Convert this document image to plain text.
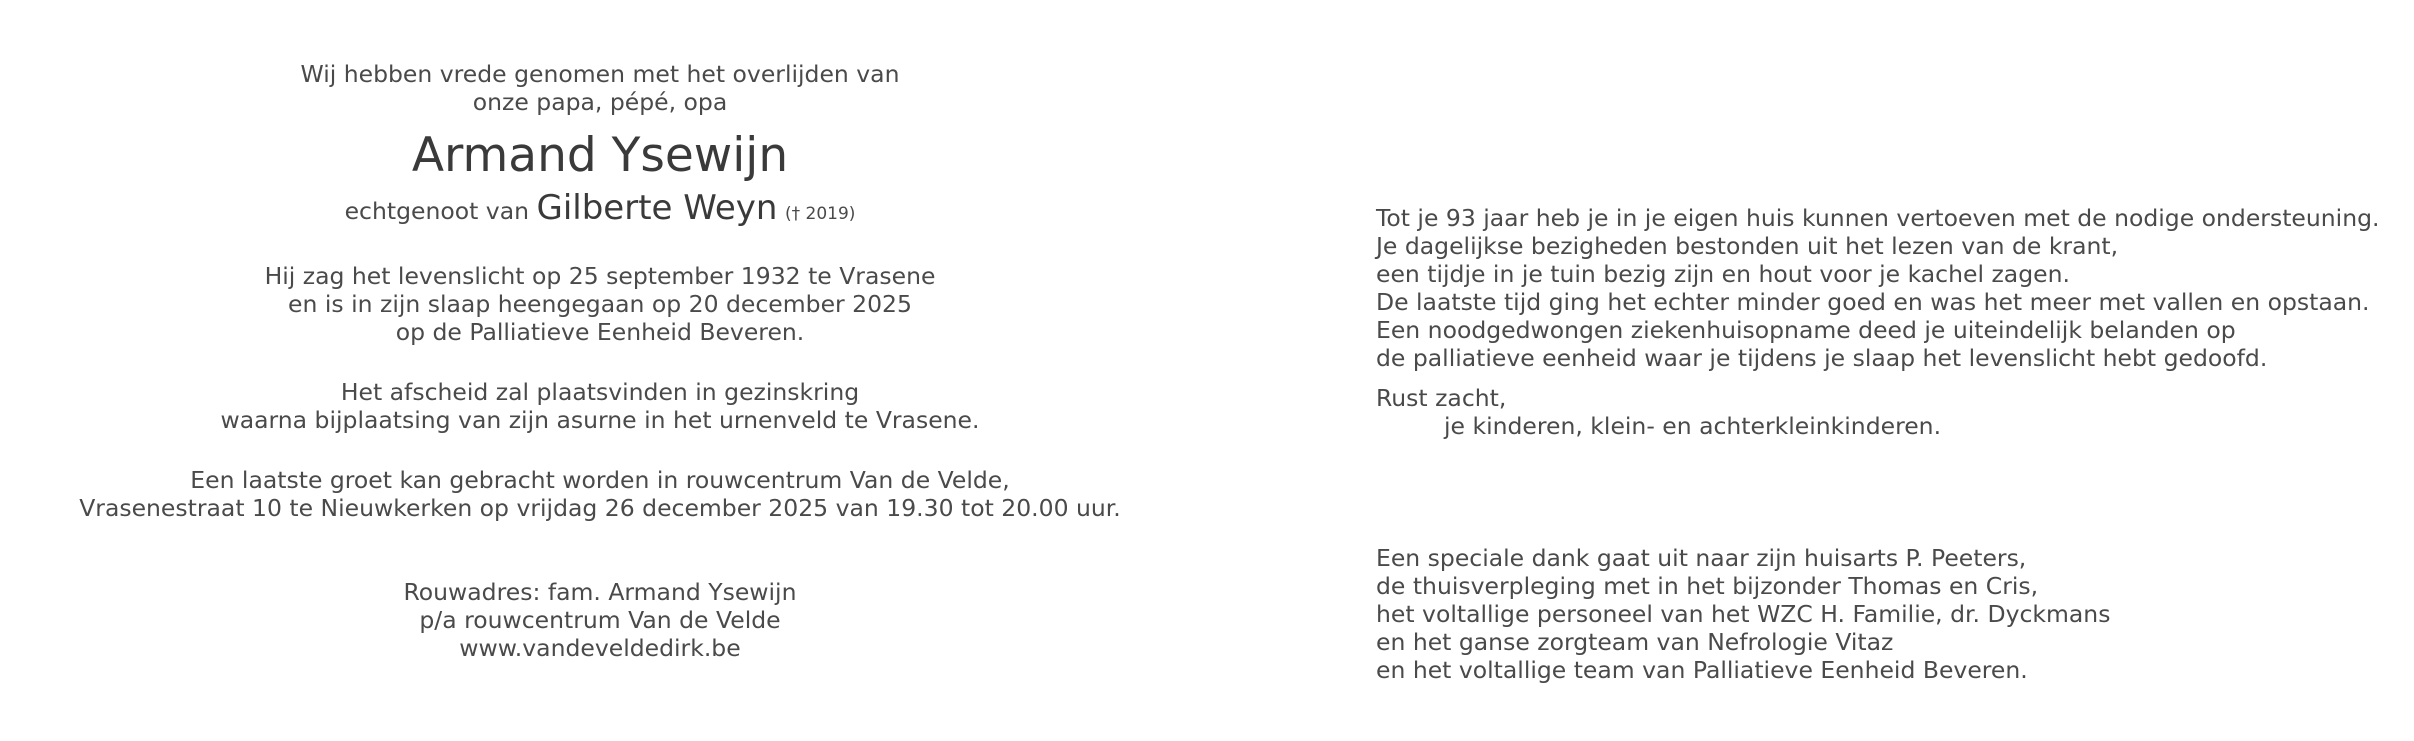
Wij hebben vrede genomen met het overlijden van
onze papa, pépé, opa
Armand Ysewijn
echtgenoot van Gilberte Weyn († 2019)
Hij zag het levenslicht op 25 september 1932 te Vrasene
en is in zijn slaap heengegaan op 20 december 2025
op de Palliatieve Eenheid Beveren.
Het afscheid zal plaatsvinden in gezinskring
waarna bijplaatsing van zijn asurne in het urnenveld te Vrasene.
Een laatste groet kan gebracht worden in rouwcentrum Van de Velde,
Vrasenestraat 10 te Nieuwkerken op vrijdag 26 december 2025 van 19.30 tot 20.00 uur.
Rouwadres: fam. Armand Ysewijn
p/a rouwcentrum Van de Velde
www.vandeveldedirk.be
Tot je 93 jaar heb je in je eigen huis kunnen vertoeven met de nodige ondersteuning.
Je dagelijkse bezigheden bestonden uit het lezen van de krant,
een tijdje in je tuin bezig zijn en hout voor je kachel zagen.
De laatste tijd ging het echter minder goed en was het meer met vallen en opstaan.
Een noodgedwongen ziekenhuisopname deed je uiteindelijk belanden op
de palliatieve eenheid waar je tijdens je slaap het levenslicht hebt gedoofd.
Rust zacht,
je kinderen, klein- en achterkleinkinderen.
Een speciale dank gaat uit naar zijn huisarts P. Peeters,
de thuisverpleging met in het bijzonder Thomas en Cris,
het voltallige personeel van het WZC H. Familie, dr. Dyckmans
en het ganse zorgteam van Nefrologie Vitaz
en het voltallige team van Palliatieve Eenheid Beveren.
